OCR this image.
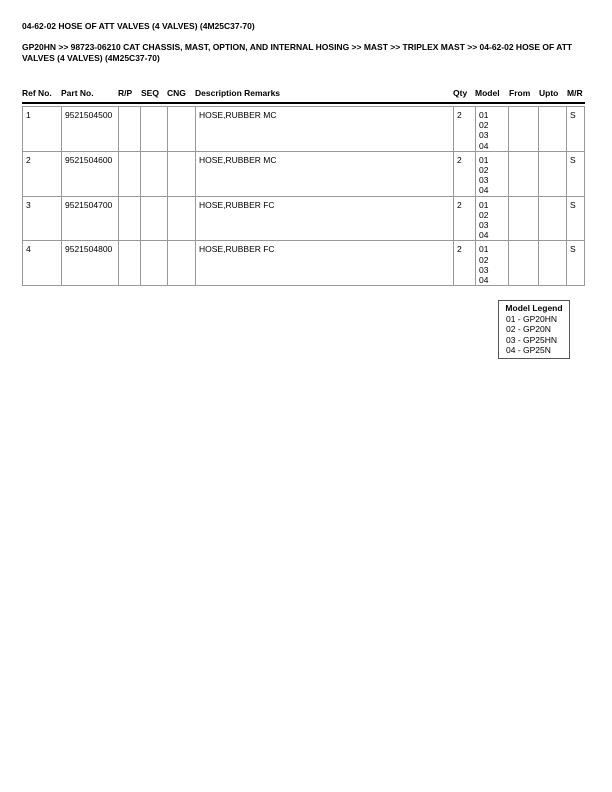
04-62-02 HOSE OF ATT VALVES (4 VALVES) (4M25C37-70)
GP20HN >> 98723-06210 CAT CHASSIS, MAST, OPTION, AND INTERNAL HOSING >> MAST >> TRIPLEX MAST >> 04-62-02 HOSE OF ATT VALVES (4 VALVES) (4M25C37-70)
Ref No. Part No.	R/P SEQ CNG Description Remarks	Qty Model From Upto M/R
1	9521504500				HOSE,RUBBER MC	2	01
02
03
04			S
2	9521504600				HOSE,RUBBER MC	2	01
02
03
04			S
3	9521504700				HOSE,RUBBER FC	2	01
02
03
04			S
4	9521504800				HOSE,RUBBER FC	2	01
02
03
04			S
Model Legend
01 - GP20HN
02 - GP20N
03 - GP25HN
04 - GP25N
